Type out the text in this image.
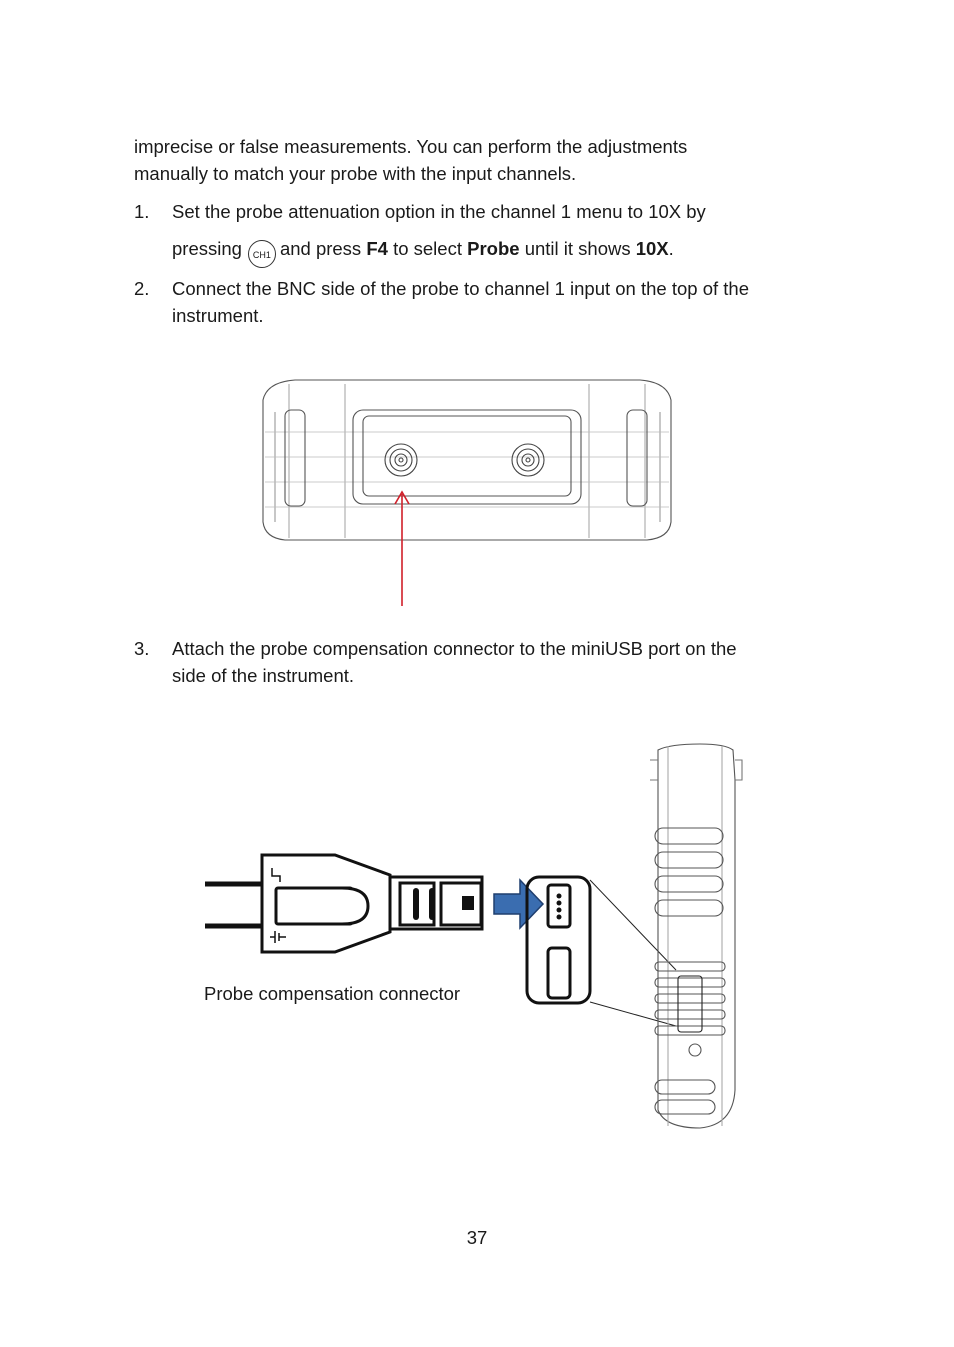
imprecise or false measurements. You can perform the adjustments
manually to match your probe with the input channels.
1. Set the probe attenuation option in the channel 1 menu to 10X by
pressing CH1 and press F4 to select Probe until it shows 10X.
2. Connect the BNC side of the probe to channel 1 input on the top of the
instrument.
3. Attach the probe compensation connector to the miniUSB port on the
side of the instrument.
Probe compensation connector
37
